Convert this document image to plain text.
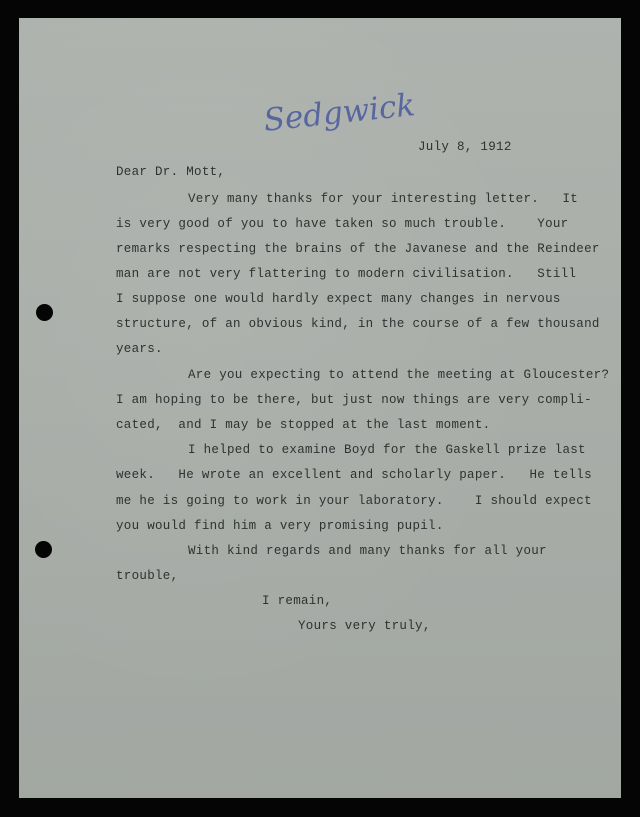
Sedgwick
July 8, 1912
Dear Dr. Mott,
Very many thanks for your interesting letter.   It
is very good of you to have taken so much trouble.    Your
remarks respecting the brains of the Javanese and the Reindeer
man are not very flattering to modern civilisation.   Still
I suppose one would hardly expect many changes in nervous
structure, of an obvious kind, in the course of a few thousand
years.
Are you expecting to attend the meeting at Gloucester?
I am hoping to be there, but just now things are very compli-
cated,  and I may be stopped at the last moment.
I helped to examine Boyd for the Gaskell prize last
week.   He wrote an excellent and scholarly paper.   He tells
me he is going to work in your laboratory.    I should expect
you would find him a very promising pupil.
With kind regards and many thanks for all your
trouble,
I remain,
Yours very truly,
